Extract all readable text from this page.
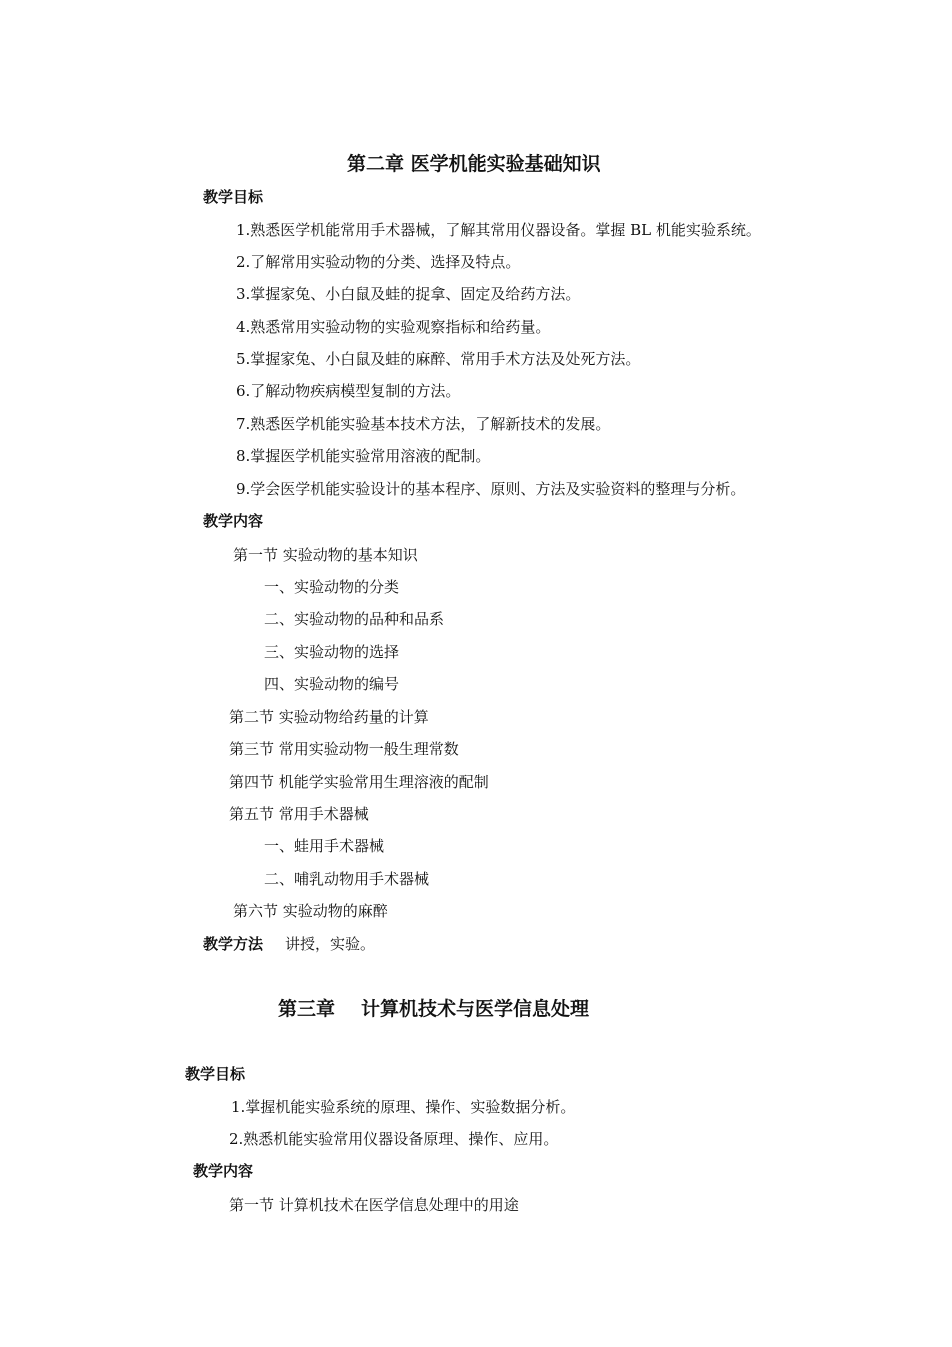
第二章 医学机能实验基础知识
教学目标
1.熟悉医学机能常用手术器械，了解其常用仪器设备。掌握 BL 机能实验系统。
2.了解常用实验动物的分类、选择及特点。
3.掌握家兔、小白鼠及蛙的捉拿、固定及给药方法。
4.熟悉常用实验动物的实验观察指标和给药量。
5.掌握家兔、小白鼠及蛙的麻醉、常用手术方法及处死方法。
6.了解动物疾病模型复制的方法。
7.熟悉医学机能实验基本技术方法，了解新技术的发展。
8.掌握医学机能实验常用溶液的配制。
9.学会医学机能实验设计的基本程序、原则、方法及实验资料的整理与分析。
教学内容
第一节 实验动物的基本知识
一、实验动物的分类
二、实验动物的品种和品系
三、实验动物的选择
四、实验动物的编号
第二节 实验动物给药量的计算
第三节 常用实验动物一般生理常数
第四节 机能学实验常用生理溶液的配制
第五节 常用手术器械
一、蛙用手术器械
二、哺乳动物用手术器械
第六节 实验动物的麻醉
教学方法 讲授，实验。
第三章 计算机技术与医学信息处理
教学目标
1.掌握机能实验系统的原理、操作、实验数据分析。
2.熟悉机能实验常用仪器设备原理、操作、应用。
教学内容
第一节 计算机技术在医学信息处理中的用途
